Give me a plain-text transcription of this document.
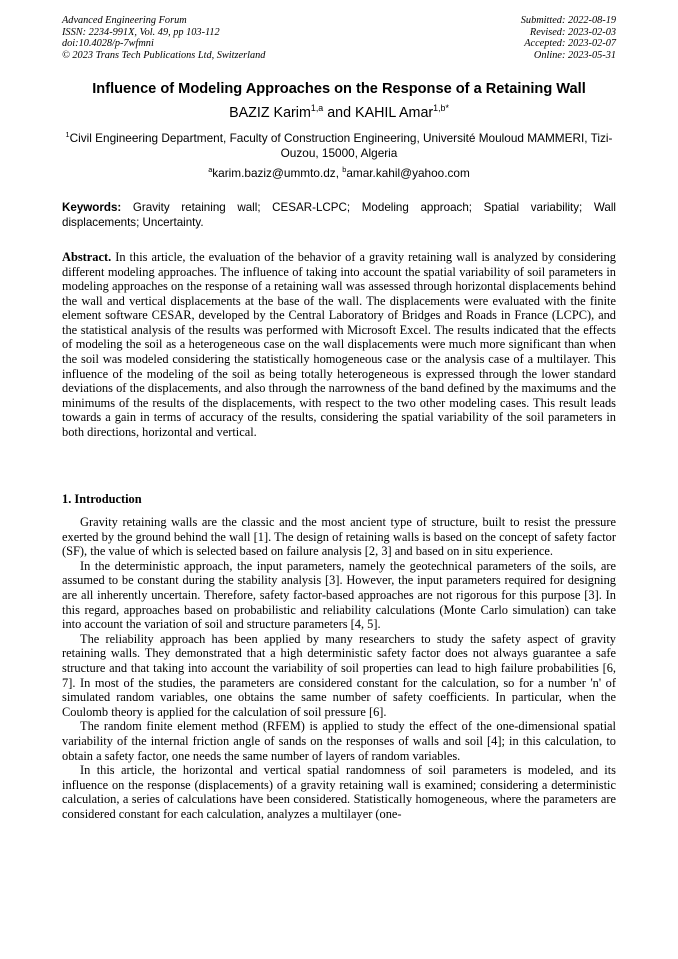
Advanced Engineering Forum
ISSN: 2234-991X, Vol. 49, pp 103-112
doi:10.4028/p-7wfmni
© 2023 Trans Tech Publications Ltd, Switzerland
Submitted: 2022-08-19
Revised: 2023-02-03
Accepted: 2023-02-07
Online: 2023-05-31
Influence of Modeling Approaches on the Response of a Retaining Wall
BAZIZ Karim$^{1,a}$ and KAHIL Amar$^{1,b*}$
$^1$Civil Engineering Department, Faculty of Construction Engineering, Université Mouloud MAMMERI, Tizi-Ouzou, 15000, Algeria
$^a$karim.baziz@ummto.dz, $^b$amar.kahil@yahoo.com
Keywords: Gravity retaining wall; CESAR-LCPC; Modeling approach; Spatial variability; Wall displacements; Uncertainty.
Abstract. In this article, the evaluation of the behavior of a gravity retaining wall is analyzed by considering different modeling approaches. The influence of taking into account the spatial variability of soil parameters in modeling approaches on the response of a retaining wall was assessed through horizontal displacements behind the wall and vertical displacements at the base of the wall. The displacements were evaluated with the finite element software CESAR, developed by the Central Laboratory of Bridges and Roads in France (LCPC), and the statistical analysis of the results was performed with Microsoft Excel. The results indicated that the effects of modeling the soil as a heterogeneous case on the wall displacements were much more significant than when the soil was modeled considering the statistically homogeneous case or the analysis case of a multilayer. This influence of the modeling of the soil as being totally heterogeneous is expressed through the lower standard deviations of the displacements, and also through the narrowness of the band defined by the maximums and the minimums of the results of the displacements, with respect to the two other modeling cases. This result leads towards a gain in terms of accuracy of the results, considering the spatial variability of the soil parameters in both directions, horizontal and vertical.
1. Introduction

Gravity retaining walls are the classic and the most ancient type of structure, built to resist the pressure exerted by the ground behind the wall [1]. The design of retaining walls is based on the concept of safety factor (SF), the value of which is selected based on failure analysis [2, 3] and based on in situ experience.

In the deterministic approach, the input parameters, namely the geotechnical parameters of the soils, are assumed to be constant during the stability analysis [3]. However, the input parameters required for designing are all inherently uncertain. Therefore, safety factor-based approaches are not rigorous for this purpose [3]. In this regard, approaches based on probabilistic and reliability calculations (Monte Carlo simulation) can take into account the variation of soil and structure parameters [4, 5].

The reliability approach has been applied by many researchers to study the safety aspect of gravity retaining walls. They demonstrated that a high deterministic safety factor does not always guarantee a safe structure and that taking into account the variability of soil properties can lead to high failure probabilities [6, 7]. In most of the studies, the parameters are considered constant for the calculation, so for a number 'n' of simulated random variables, one obtains the same number of safety coefficients. In particular, when the Coulomb theory is applied for the calculation of soil pressure [6].

The random finite element method (RFEM) is applied to study the effect of the one-dimensional spatial variability of the internal friction angle of sands on the responses of walls and soil [4]; in this calculation, to obtain a safety factor, one needs the same number of layers of random variables.

In this article, the horizontal and vertical spatial randomness of soil parameters is modeled, and its influence on the response (displacements) of a gravity retaining wall is examined; considering a deterministic calculation, a series of calculations have been considered. Statistically homogeneous, where the parameters are considered constant for each calculation, analyzes a multilayer (one-
